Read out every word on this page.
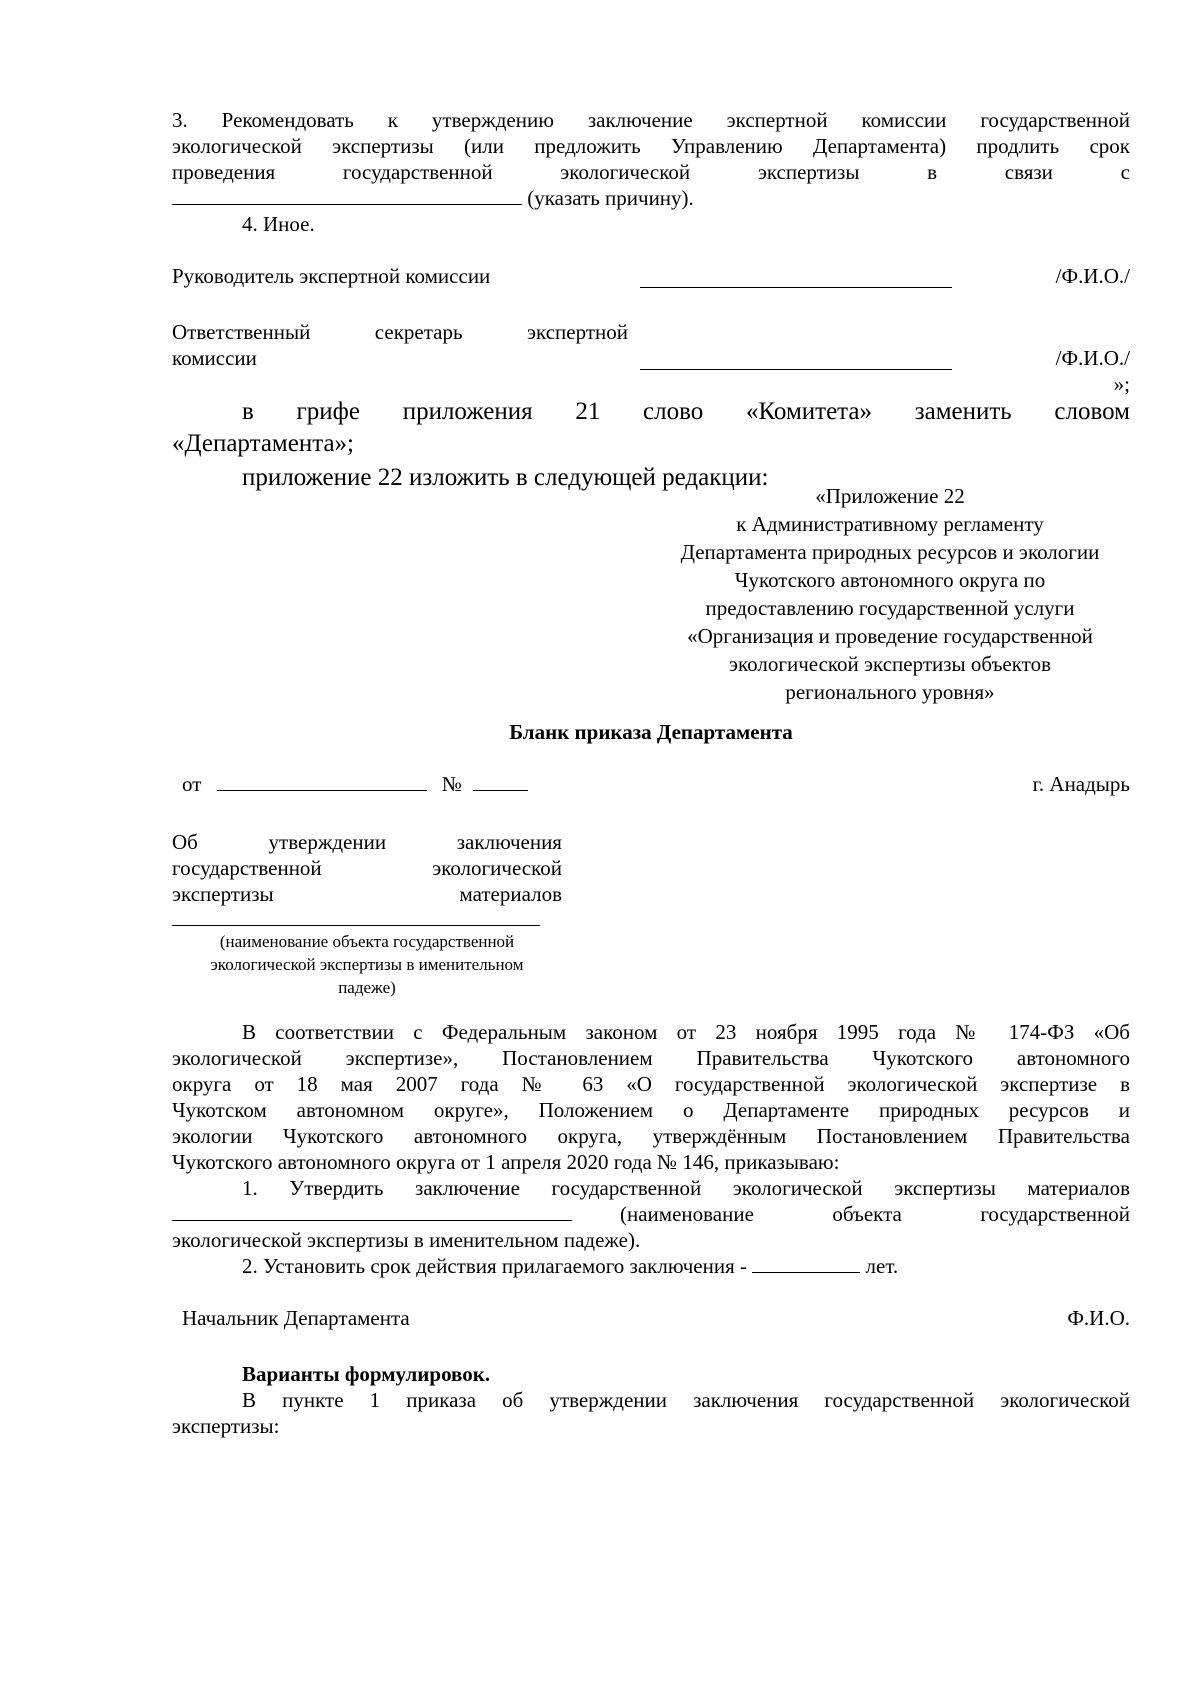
3. Рекомендовать к утверждению заключение экспертной комиссии государственной
экологической экспертизы (или предложить Управлению Департамента) продлить срок
проведения	государственной	экологической	экспертизы	в	связи	с
(указать причину).
4. Иное.
Руководитель экспертной комиссии	/Ф.И.О./
Ответственный	секретарь	экспертной
комиссии	/Ф.И.О./
»;
в грифе приложения 21 слово «Комитета» заменить словом
«Департамента»;
приложение 22 изложить в следующей редакции:
«Приложение 22
к Административному регламенту
Департамента природных ресурсов и экологии
Чукотского автономного округа по
предоставлению государственной услуги
«Организация и проведение государственной
экологической экспертизы объектов
регионального уровня»
Бланк приказа Департамента
от	№	г. Анадырь
Об	утверждении	заключения
государственной	экологической
экспертизы	материалов
(наименование объекта государственной
экологической экспертизы в именительном
падеже)
В соответствии с Федеральным законом от 23 ноября 1995 года № 174-ФЗ «Об
экологической экспертизе», Постановлением Правительства Чукотского автономного
округа от 18 мая 2007 года № 63 «О государственной экологической экспертизе в
Чукотском автономном округе», Положением о Департаменте природных ресурсов и
экологии Чукотского автономного округа, утверждённым Постановлением Правительства
Чукотского автономного округа от 1 апреля 2020 года № 146, приказываю:
1. Утвердить заключение государственной экологической экспертизы материалов
(наименование	объекта	государственной
экологической экспертизы в именительном падеже).
2. Установить срок действия прилагаемого заключения -	лет.
Начальник Департамента	Ф.И.О.
Варианты формулировок.
В пункте 1 приказа об утверждении заключения государственной экологической
экспертизы:
